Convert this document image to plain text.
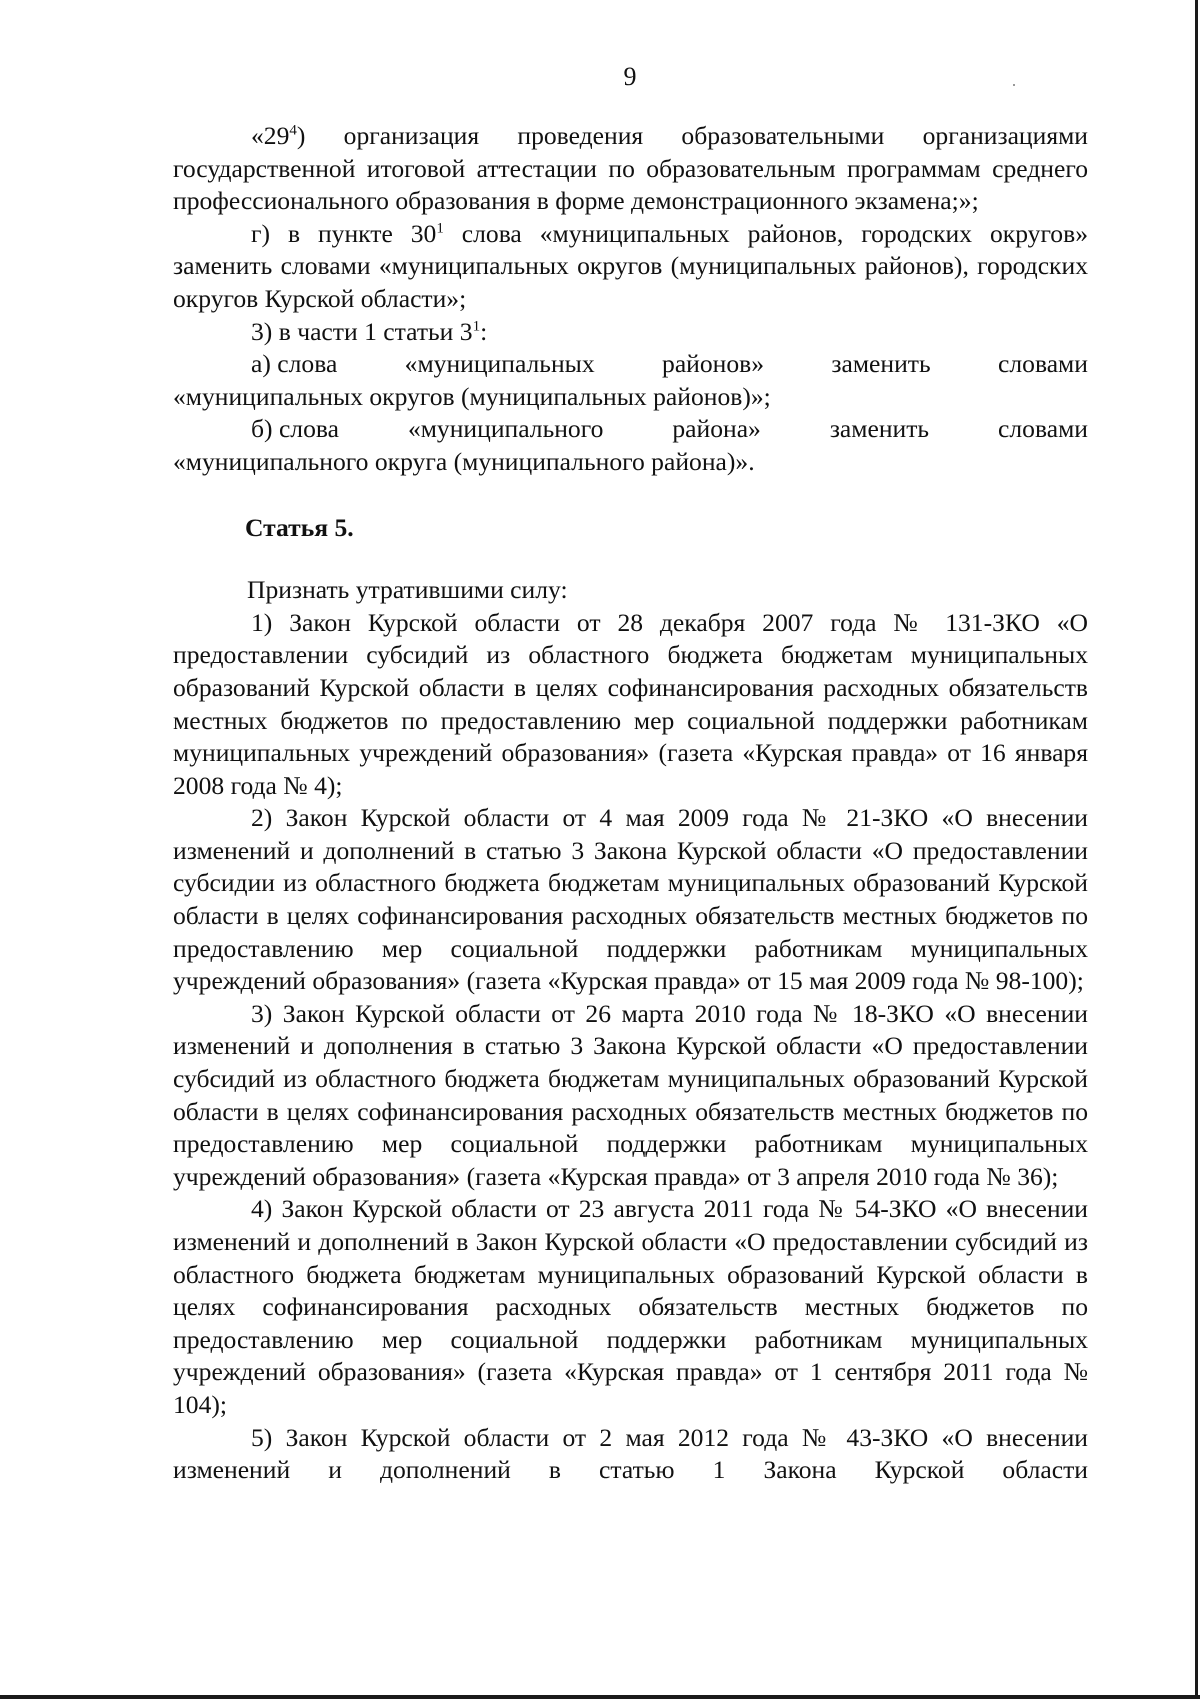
9

«$29^4$) организация проведения образовательными организациями государственной итоговой аттестации по образовательным программам среднего профессионального образования в форме демонстрационного экзамена;»;

г) в пункте $30^1$ слова «муниципальных районов, городских округов» заменить словами «муниципальных округов (муниципальных районов), городских округов Курской области»;

3) в части 1 статьи $3^1$:

а) слова	«муниципальных	районов»	заменить	словами

«муниципальных округов (муниципальных районов)»;

б) слова	«муниципального	района»	заменить	словами

«муниципального округа (муниципального района)».

Статья 5.

Признать утратившими силу:

1) Закон Курской области от 28 декабря 2007 года № 131-ЗКО «О предоставлении субсидий из областного бюджета бюджетам муниципальных образований Курской области в целях софинансирования расходных обязательств местных бюджетов по предоставлению мер социальной поддержки работникам муниципальных учреждений образования» (газета «Курская правда» от 16 января 2008 года № 4);

2) Закон Курской области от 4 мая 2009 года № 21-ЗКО «О внесении изменений и дополнений в статью 3 Закона Курской области «О предоставлении субсидии из областного бюджета бюджетам муниципальных образований Курской области в целях софинансирования расходных обязательств местных бюджетов по предоставлению мер социальной поддержки работникам муниципальных учреждений образования» (газета «Курская правда» от 15 мая 2009 года № 98-100);

3) Закон Курской области от 26 марта 2010 года № 18-ЗКО «О внесении изменений и дополнения в статью 3 Закона Курской области «О предоставлении субсидий из областного бюджета бюджетам муниципальных образований Курской области в целях софинансирования расходных обязательств местных бюджетов по предоставлению мер социальной поддержки работникам муниципальных учреждений образования» (газета «Курская правда» от 3 апреля 2010 года № 36);

4) Закон Курской области от 23 августа 2011 года № 54-ЗКО «О внесении изменений и дополнений в Закон Курской области «О предоставлении субсидий из областного бюджета бюджетам муниципальных образований Курской области в целях софинансирования расходных обязательств местных бюджетов по предоставлению мер социальной поддержки работникам муниципальных учреждений образования» (газета «Курская правда» от 1 сентября 2011 года № 104);

5) Закон Курской области от 2 мая 2012 года № 43-ЗКО «О внесении изменений и дополнений в статью 1 Закона Курской области
